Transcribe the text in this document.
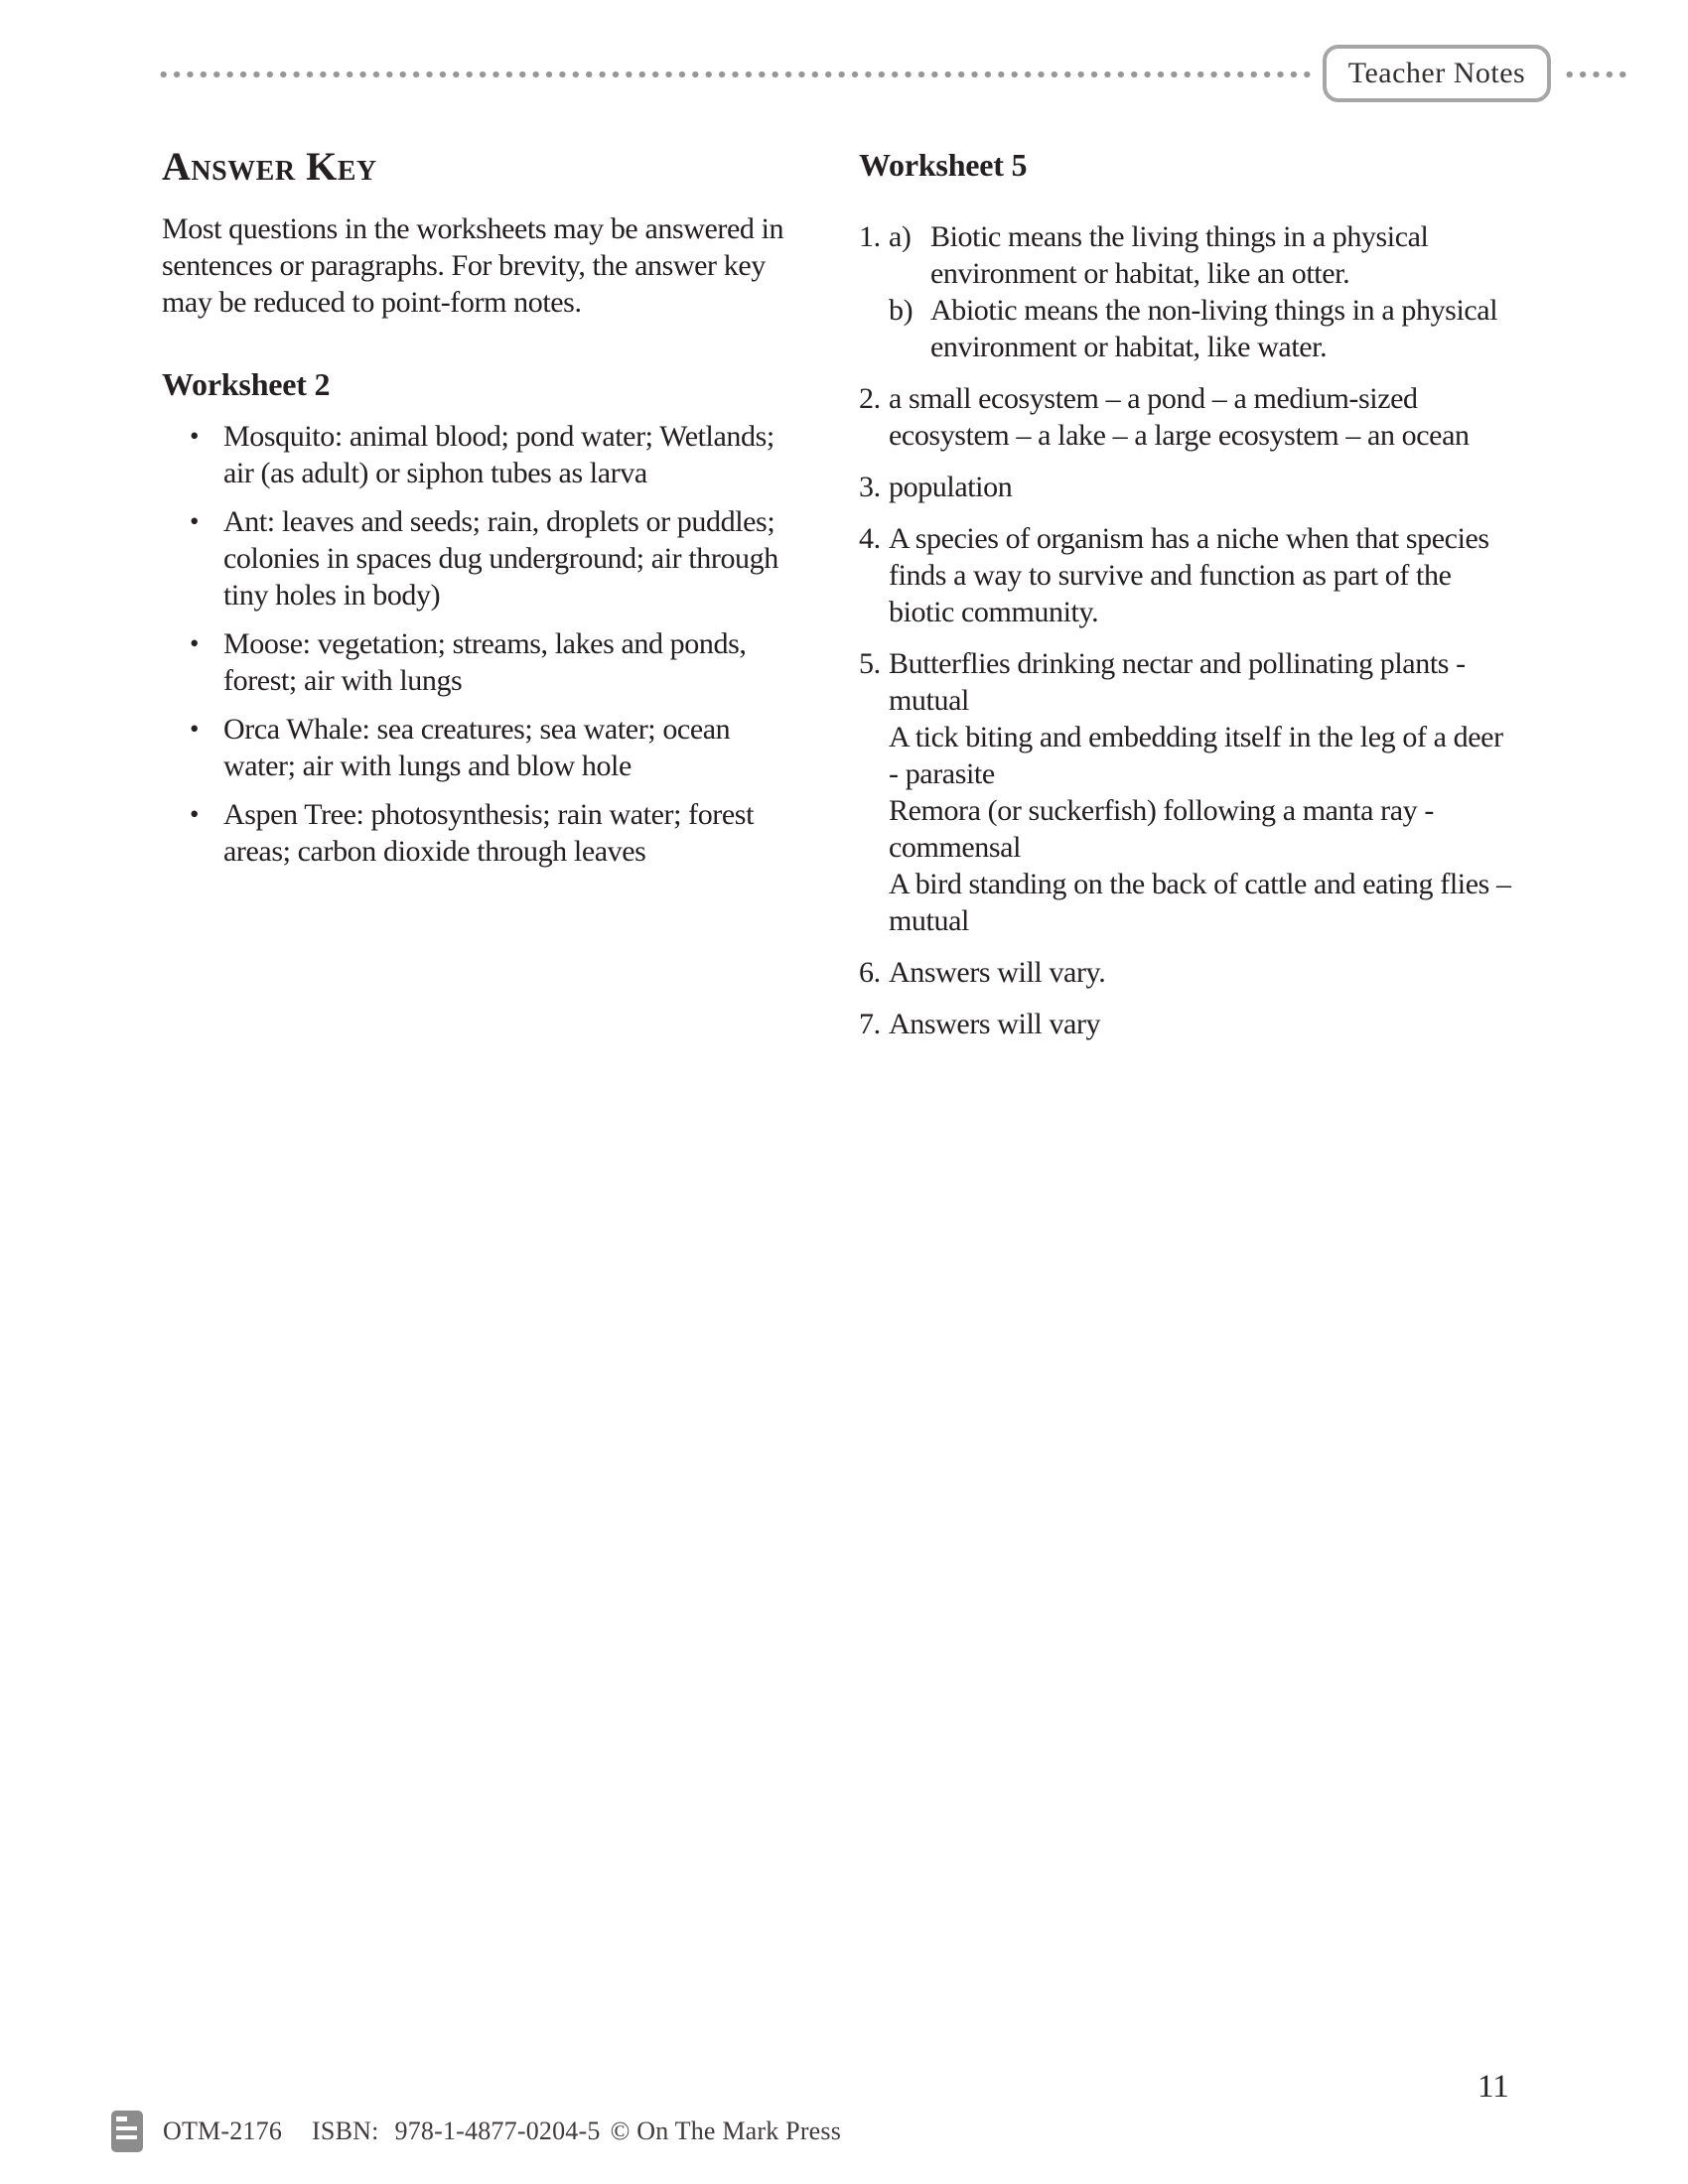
Teacher Notes
Answer Key

Most questions in the worksheets may be answered in sentences or paragraphs. For brevity, the answer key may be reduced to point-form notes.

Worksheet 2
• Mosquito: animal blood; pond water; Wetlands; air (as adult) or siphon tubes as larva
• Ant: leaves and seeds; rain, droplets or puddles; colonies in spaces dug underground; air through tiny holes in body)
• Moose: vegetation; streams, lakes and ponds, forest; air with lungs
• Orca Whale: sea creatures; sea water; ocean water; air with lungs and blow hole
• Aspen Tree: photosynthesis; rain water; forest areas; carbon dioxide through leaves
Worksheet 5
1. a) Biotic means the living things in a physical environment or habitat, like an otter.
b) Abiotic means the non-living things in a physical environment or habitat, like water.
2. a small ecosystem – a pond – a medium-sized ecosystem – a lake – a large ecosystem – an ocean
3. population
4. A species of organism has a niche when that species finds a way to survive and function as part of the biotic community.
5. Butterflies drinking nectar and pollinating plants - mutual
A tick biting and embedding itself in the leg of a deer - parasite
Remora (or suckerfish) following a manta ray - commensal
A bird standing on the back of cattle and eating flies – mutual
6. Answers will vary.
7. Answers will vary
OTM-2176 ISBN: 978-1-4877-0204-5 © On The Mark Press
11
